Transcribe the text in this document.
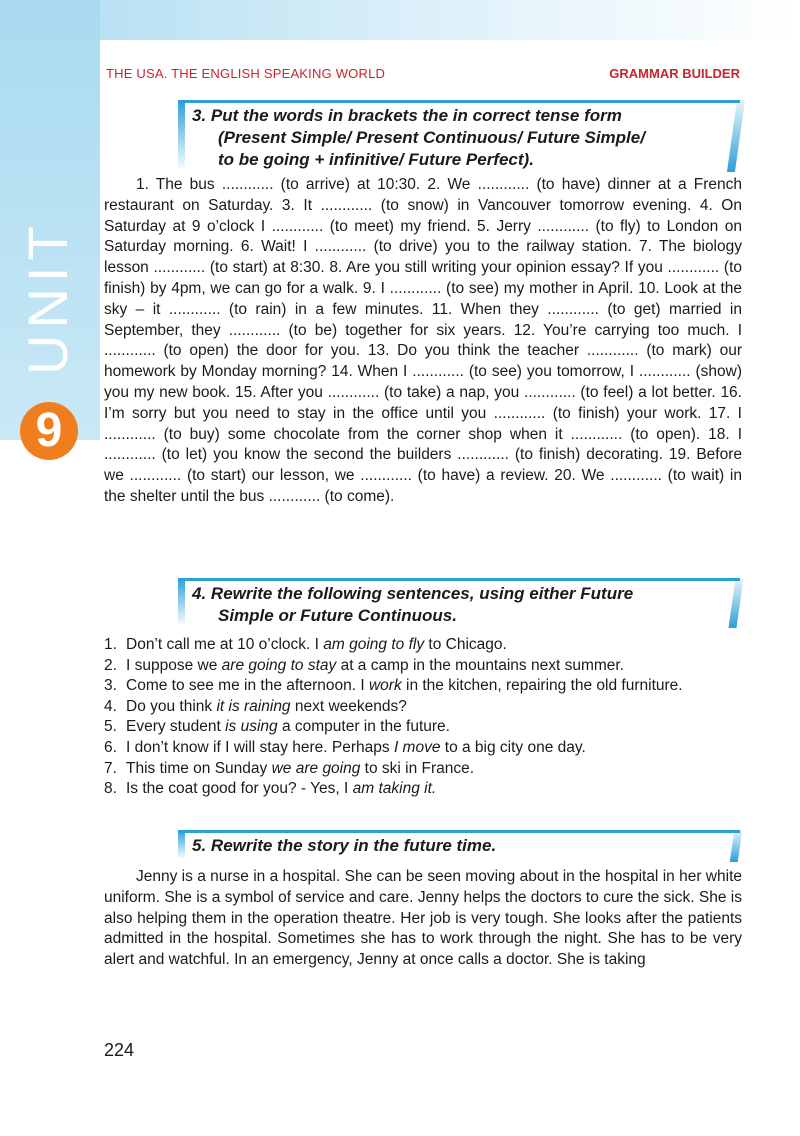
UNIT
9
THE USA. THE ENGLISH SPEAKING WORLD	GRAMMAR BUILDER
3. Put the words in brackets the in correct tense form
(Present Simple/ Present Continuous/ Future Simple/
to be going + infinitive/ Future Perfect).
1. The bus ............ (to arrive) at 10:30. 2. We ............ (to have) dinner at a French restaurant on Saturday. 3. It ............ (to snow) in Vancouver tomorrow evening. 4. On Saturday at 9 o’clock I ............ (to meet) my friend. 5. Jerry ............ (to fly) to London on Saturday morning. 6. Wait! I ............ (to drive) you to the railway station. 7. The biology lesson ............ (to start) at 8:30. 8. Are you still writing your opinion essay? If you ............ (to finish) by 4pm, we can go for a walk. 9. I ............ (to see) my mother in April. 10. Look at the sky – it ............ (to rain) in a few minutes. 11. When they ............ (to get) married in September, they ............ (to be) together for six years. 12. You’re carrying too much. I ............ (to open) the door for you. 13. Do you think the teacher ............ (to mark) our homework by Monday morning? 14. When I ............ (to see) you tomorrow, I ............ (show) you my new book. 15. After you ............ (to take) a nap, you ............ (to feel) a lot better. 16. I’m sorry but you need to stay in the office until you ............ (to finish) your work. 17. I ............ (to buy) some chocolate from the corner shop when it ............ (to open). 18. I ............ (to let) you know the second the builders ............ (to finish) decorating. 19. Before we ............ (to start) our lesson, we ............ (to have) a review. 20. We ............ (to wait) in the shelter until the bus ............ (to come).
4. Rewrite the following sentences, using either Future
Simple or Future Continuous.
1. Don’t call me at 10 o’clock. I am going to fly to Chicago.
2. I suppose we are going to stay at a camp in the mountains next summer.
3. Come to see me in the afternoon. I work in the kitchen, repairing the old furniture.
4. Do you think it is raining next weekends?
5. Every student is using a computer in the future.
6. I don’t know if I will stay here. Perhaps I move to a big city one day.
7. This time on Sunday we are going to ski in France.
8. Is the coat good for you? - Yes, I am taking it.
5. Rewrite the story in the future time.
Jenny is a nurse in a hospital. She can be seen moving about in the hospital in her white uniform. She is a symbol of service and care. Jenny helps the doctors to cure the sick. She is also helping them in the operation theatre. Her job is very tough. She looks after the patients admitted in the hospital. Sometimes she has to work through the night. She has to be very alert and watchful. In an emergency, Jenny at once calls a doctor. She is taking
224
